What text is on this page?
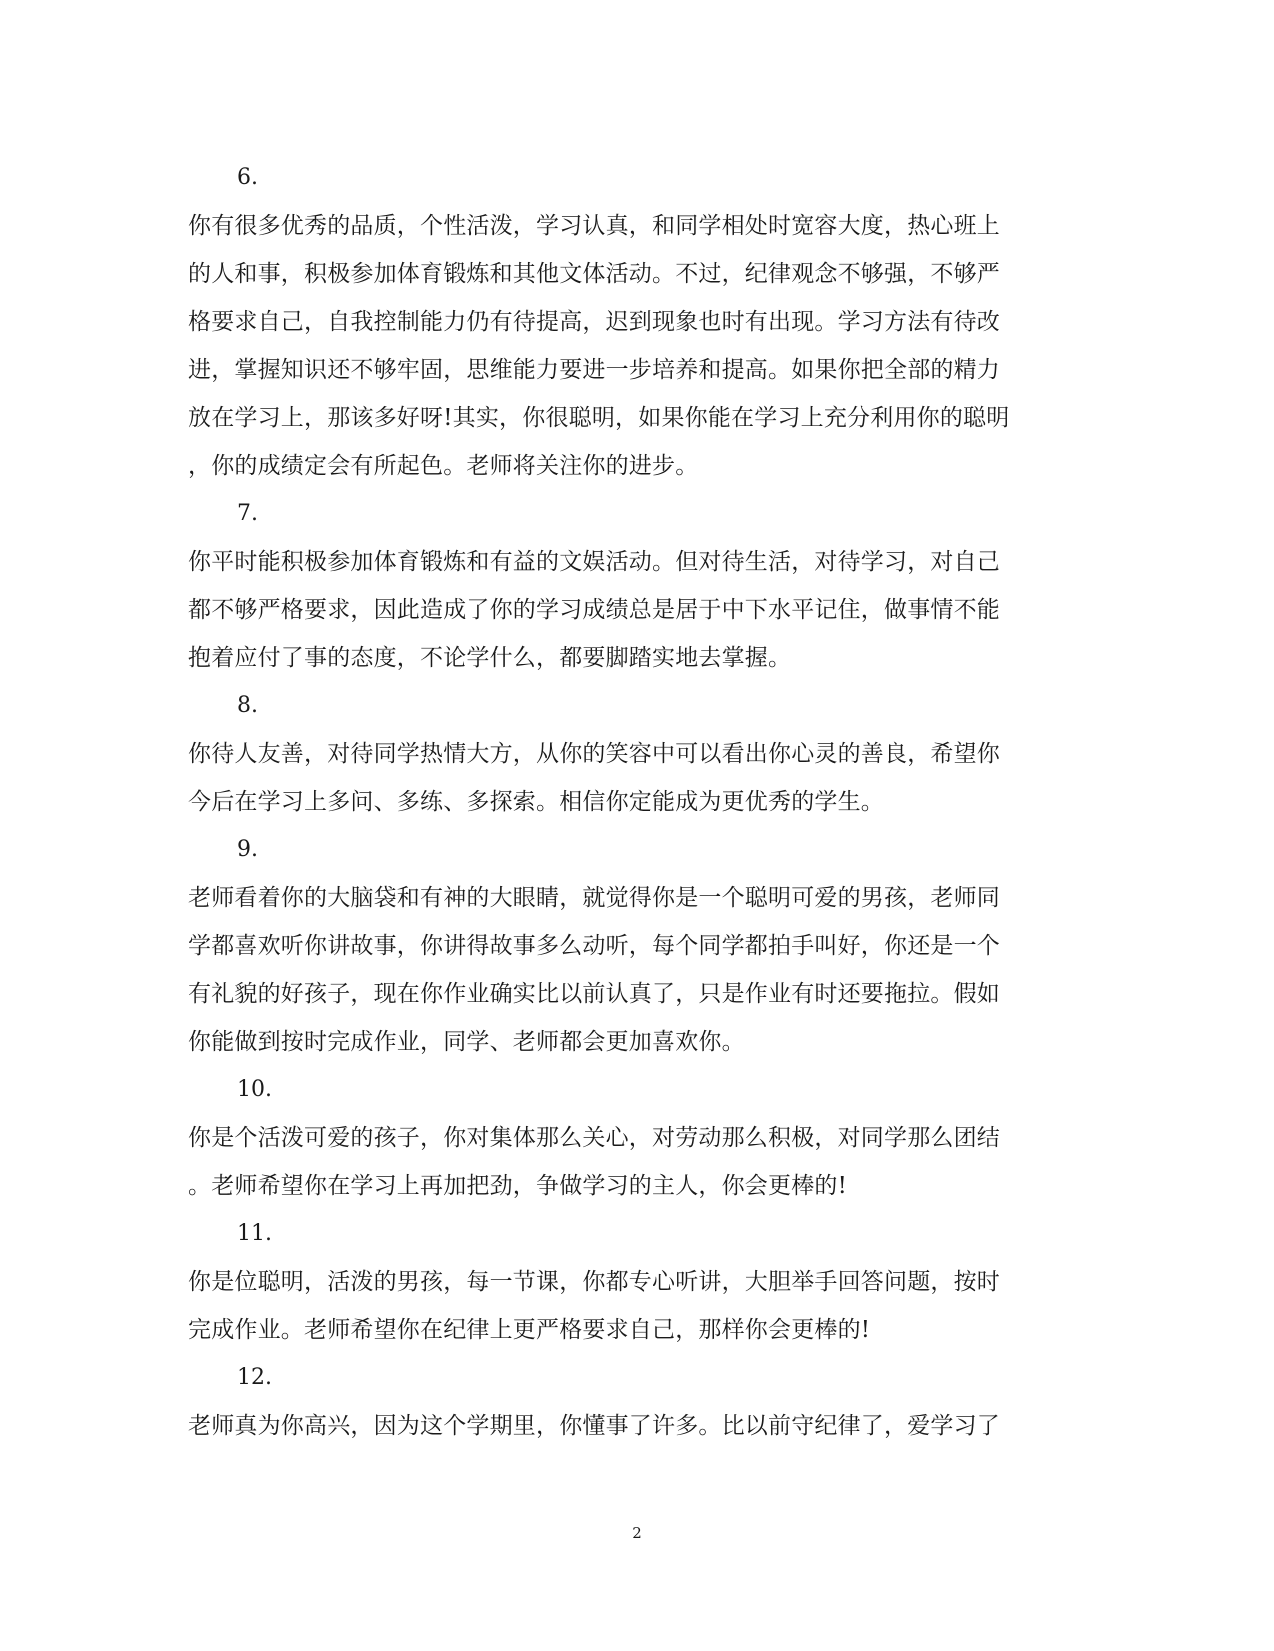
6.

你有很多优秀的品质，个性活泼，学习认真，和同学相处时宽容大度，热心班上
的人和事，积极参加体育锻炼和其他文体活动。不过，纪律观念不够强，不够严
格要求自己，自我控制能力仍有待提高，迟到现象也时有出现。学习方法有待改
进，掌握知识还不够牢固，思维能力要进一步培养和提高。如果你把全部的精力
放在学习上，那该多好呀!其实，你很聪明，如果你能在学习上充分利用你的聪明
，你的成绩定会有所起色。老师将关注你的进步。

7.

你平时能积极参加体育锻炼和有益的文娱活动。但对待生活，对待学习，对自己
都不够严格要求，因此造成了你的学习成绩总是居于中下水平记住，做事情不能
抱着应付了事的态度，不论学什么，都要脚踏实地去掌握。

8.

你待人友善，对待同学热情大方，从你的笑容中可以看出你心灵的善良，希望你
今后在学习上多问、多练、多探索。相信你定能成为更优秀的学生。

9.

老师看着你的大脑袋和有神的大眼睛，就觉得你是一个聪明可爱的男孩，老师同
学都喜欢听你讲故事，你讲得故事多么动听，每个同学都拍手叫好，你还是一个
有礼貌的好孩子，现在你作业确实比以前认真了，只是作业有时还要拖拉。假如
你能做到按时完成作业，同学、老师都会更加喜欢你。

10.

你是个活泼可爱的孩子，你对集体那么关心，对劳动那么积极，对同学那么团结
。老师希望你在学习上再加把劲，争做学习的主人，你会更棒的!

11.

你是位聪明，活泼的男孩，每一节课，你都专心听讲，大胆举手回答问题，按时
完成作业。老师希望你在纪律上更严格要求自己，那样你会更棒的!

12.

老师真为你高兴，因为这个学期里，你懂事了许多。比以前守纪律了，爱学习了

2
